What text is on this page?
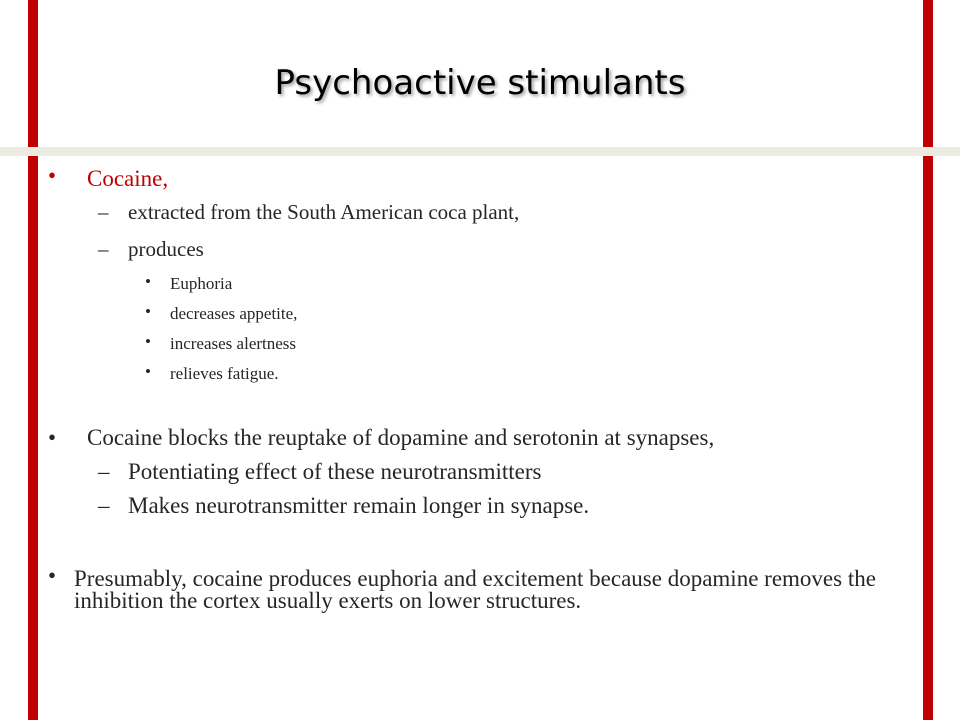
Psychoactive stimulants
• Cocaine,
– extracted from the South American coca plant,
– produces
• Euphoria
• decreases appetite,
• increases alertness
• relieves fatigue.
• Cocaine blocks the reuptake of dopamine and serotonin at synapses,
– Potentiating effect of these neurotransmitters
– Makes neurotransmitter remain longer in synapse.
• Presumably, cocaine produces euphoria and excitement because dopamine removes the inhibition the cortex usually exerts on lower structures.
